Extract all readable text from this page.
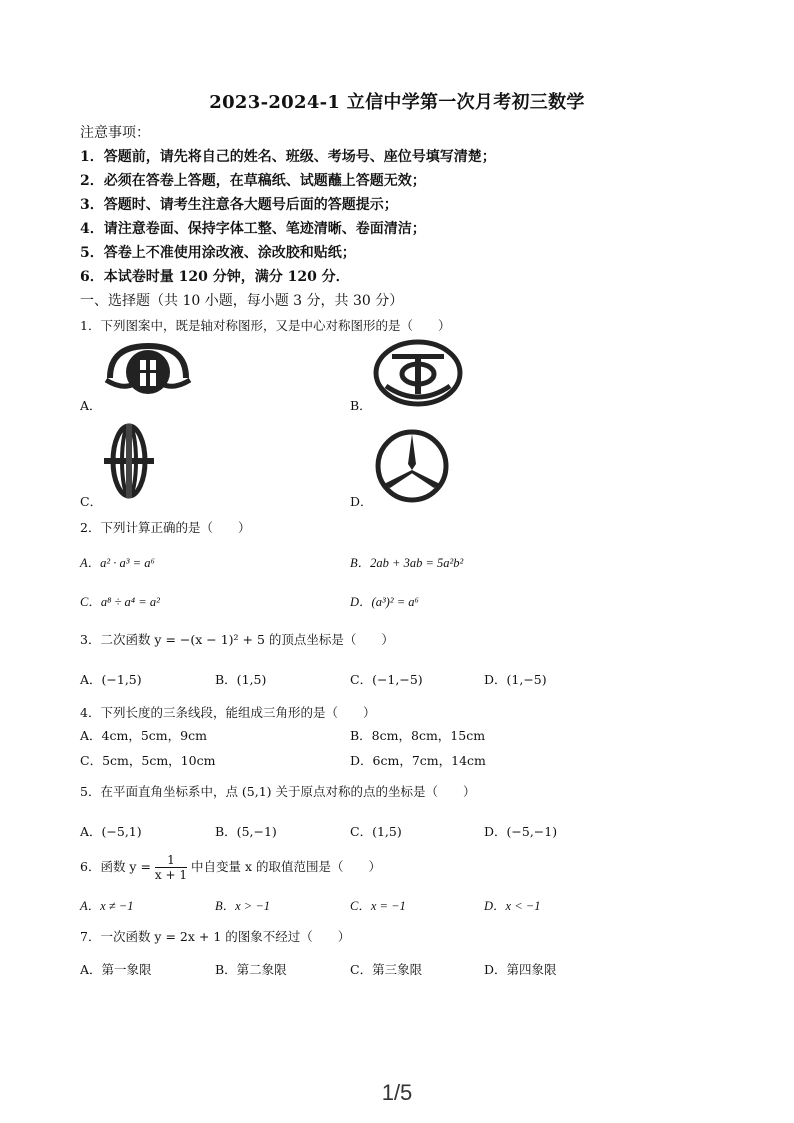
2023-2024-1 立信中学第一次月考初三数学
注意事项：
1．答题前，请先将自己的姓名、班级、考场号、座位号填写清楚；
2．必须在答卷上答题，在草稿纸、试题蘸上答题无效；
3．答题时、请考生注意各大题号后面的答题提示；
4．请注意卷面、保持字体工整、笔迹清晰、卷面清洁；
5．答卷上不准使用涂改液、涂改胶和贴纸；
6．本试卷时量 120 分钟，满分 120 分．
一、选择题（共 10 小题，每小题 3 分，共 30 分）
1．下列图案中，既是轴对称图形，又是中心对称图形的是（　　）
A．	B．
C．	D．
2．下列计算正确的是（　　）
A．a² · a³ = a⁶	B．2ab + 3ab = 5a²b²
C．a⁸ ÷ a⁴ = a²	D．(a³)² = a⁶
3．二次函数 y = −(x − 1)² + 5 的顶点坐标是（　　）
A．(−1,5)	B．(1,5)	C．(−1,−5)	D．(1,−5)
4．下列长度的三条线段，能组成三角形的是（　　）
A．4cm，5cm，9cm	B．8cm，8cm，15cm
C．5cm，5cm，10cm	D．6cm，7cm，14cm
5．在平面直角坐标系中，点 (5,1) 关于原点对称的点的坐标是（　　）
A．(−5,1)	B．(5,−1)	C．(1,5)	D．(−5,−1)
6．函数 $y = \frac{1}{x + 1}$ 中自变量 x 的取值范围是（　　）
A．x ≠ −1	B．x > −1	C．x = −1	D．x < −1
7．一次函数 y = 2x + 1 的图象不经过（　　）
A．第一象限	B．第二象限	C．第三象限	D．第四象限
1/5
